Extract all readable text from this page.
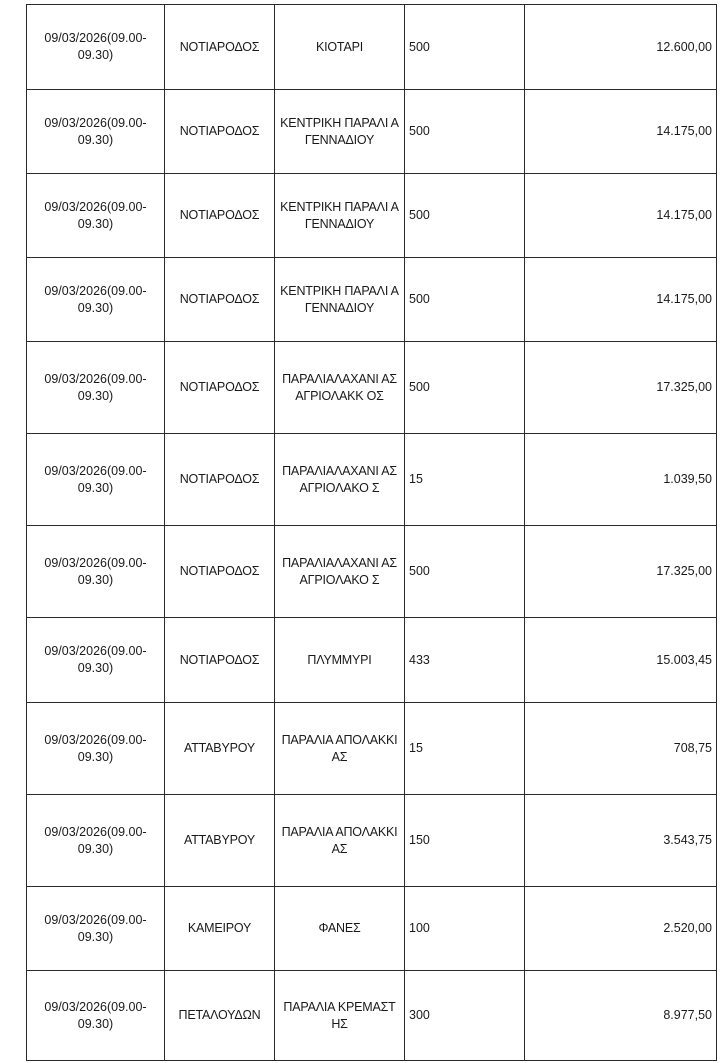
09/03/2026(09.00-
09.30)	ΝΟΤΙΑΡΟΔΟΣ	ΚΙΟΤΑΡΙ	500	12.600,00
09/03/2026(09.00-
09.30)	ΝΟΤΙΑΡΟΔΟΣ	ΚΕΝΤΡΙΚΗ ΠΑΡΑΛΙ ΑΓΕΝΝΑΔΙΟΥ	500	14.175,00
09/03/2026(09.00-
09.30)	ΝΟΤΙΑΡΟΔΟΣ	ΚΕΝΤΡΙΚΗ ΠΑΡΑΛΙ ΑΓΕΝΝΑΔΙΟΥ	500	14.175,00
09/03/2026(09.00-
09.30)	ΝΟΤΙΑΡΟΔΟΣ	ΚΕΝΤΡΙΚΗ ΠΑΡΑΛΙ ΑΓΕΝΝΑΔΙΟΥ	500	14.175,00
09/03/2026(09.00-
09.30)	ΝΟΤΙΑΡΟΔΟΣ	ΠΑΡΑΛΙΑΛΑΧΑΝΙ ΑΣΑΓΡΙΟΛΑΚΚ ΟΣ	500	17.325,00
09/03/2026(09.00-
09.30)	ΝΟΤΙΑΡΟΔΟΣ	ΠΑΡΑΛΙΑΛΑΧΑΝΙ ΑΣΑΓΡΙΟΛΑΚΟ Σ	15	1.039,50
09/03/2026(09.00-
09.30)	ΝΟΤΙΑΡΟΔΟΣ	ΠΑΡΑΛΙΑΛΑΧΑΝΙ ΑΣΑΓΡΙΟΛΑΚΟ Σ	500	17.325,00
09/03/2026(09.00-
09.30)	ΝΟΤΙΑΡΟΔΟΣ	ΠΛΥΜΜΥΡΙ	433	15.003,45
09/03/2026(09.00-
09.30)	ΑΤΤΑΒΥΡΟΥ	ΠΑΡΑΛΙΑ ΑΠΟΛΑΚΚΙ ΑΣ	15	708,75
09/03/2026(09.00-
09.30)	ΑΤΤΑΒΥΡΟΥ	ΠΑΡΑΛΙΑ ΑΠΟΛΑΚΚΙ ΑΣ	150	3.543,75
09/03/2026(09.00-
09.30)	ΚΑΜΕΙΡΟΥ	ΦΑΝΕΣ	100	2.520,00
09/03/2026(09.00-
09.30)	ΠΕΤΑΛΟΥΔΩΝ	ΠΑΡΑΛΙΑ ΚΡΕΜΑΣΤ ΗΣ	300	8.977,50
